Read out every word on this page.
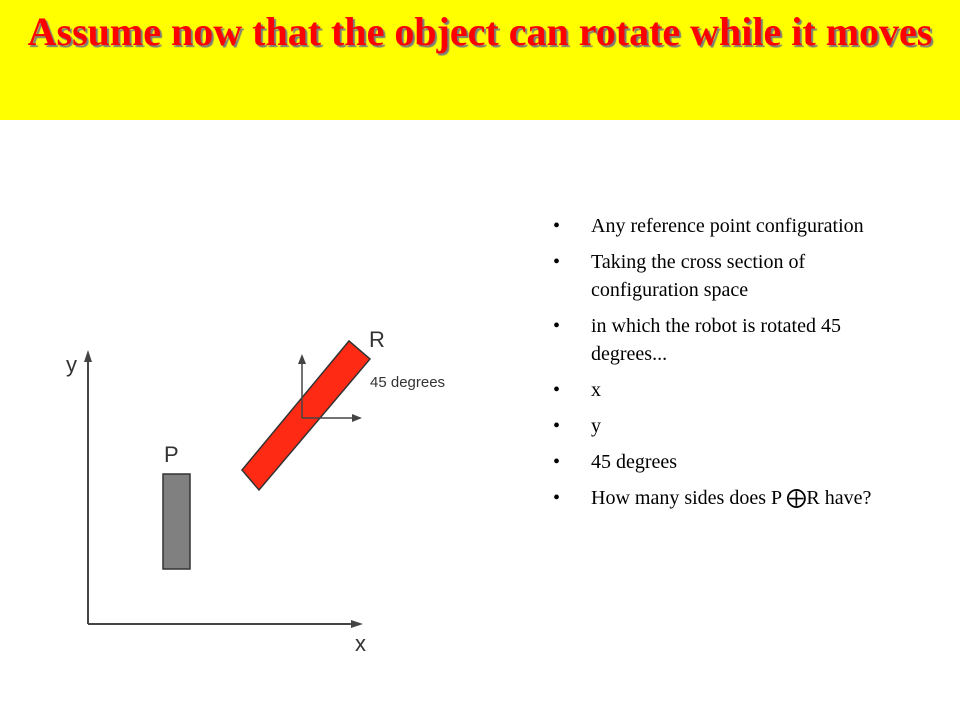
Assume now that the object can rotate while it moves
y
x
P
R
45 degrees
•	Any reference point configuration
•	Taking the cross section of configuration space
•	in which the robot is rotated 45 degrees...
•	x
•	y
•	45 degrees
•	How many sides does P ⨁R have?
